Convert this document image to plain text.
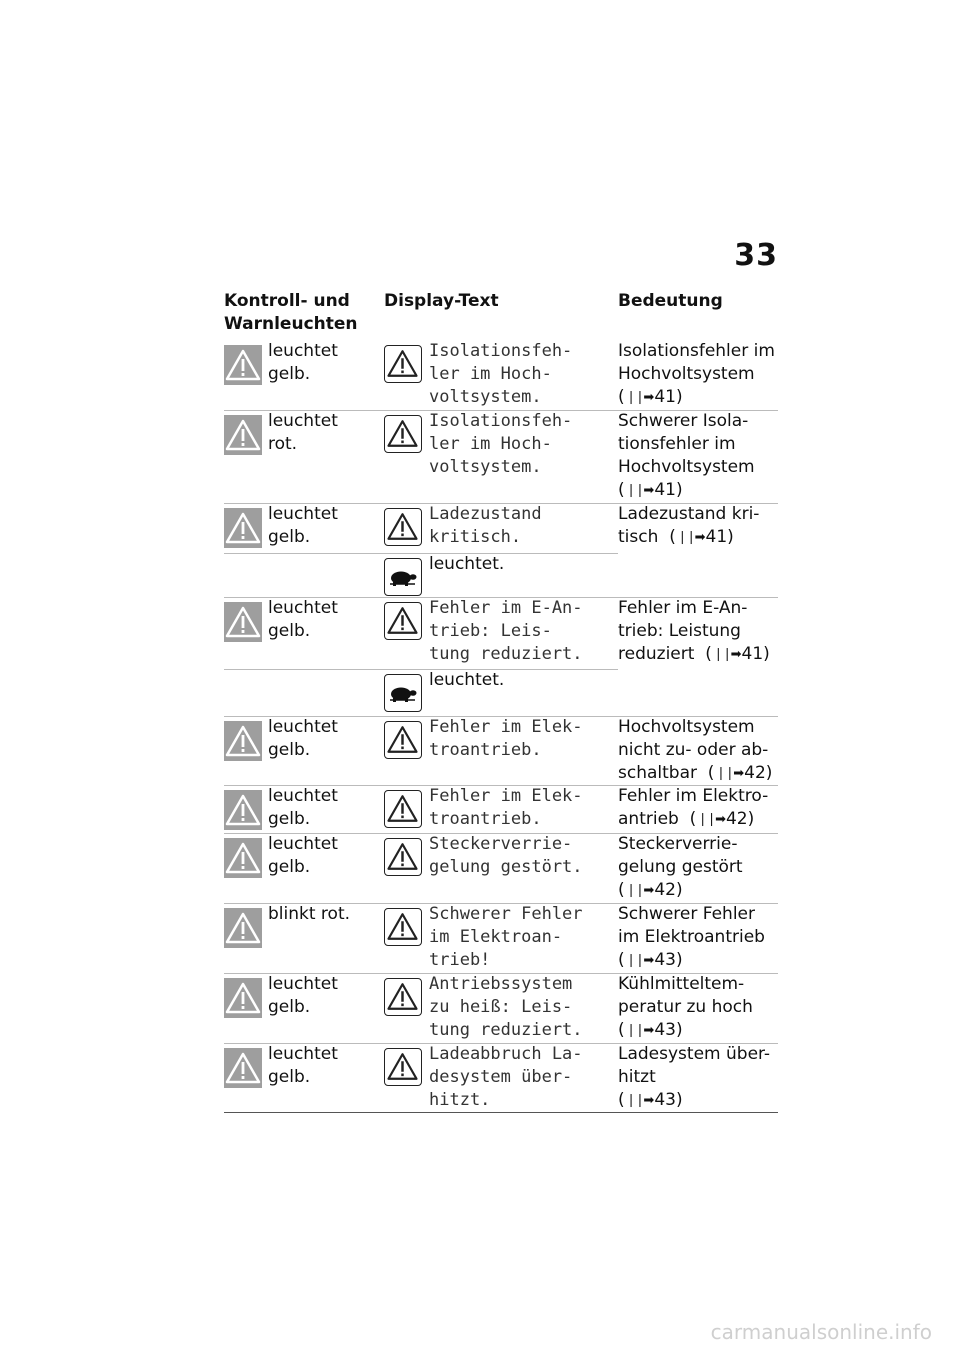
33
Kontroll- und
Warnleuchten
Display-Text	Bedeutung
leuchtet
gelb.
Isolationsfeh-
ler im Hoch-
voltsystem.
Isolationsfehler im
Hochvoltsystem
(❘❘➡ 41)
leuchtet
rot.
Isolationsfeh-
ler im Hoch-
voltsystem.
Schwerer Isola-
tionsfehler im
Hochvoltsystem
(❘❘➡ 41)
leuchtet
gelb.
Ladezustand
kritisch.
leuchtet.
Ladezustand kri-
tisch (❘❘➡ 41)
leuchtet
gelb.
Fehler im E-An-
trieb: Leis-
tung reduziert.
leuchtet.
Fehler im E-An-
trieb: Leistung
reduziert (❘❘➡ 41)
leuchtet
gelb.
Fehler im Elek-
troantrieb.
Hochvoltsystem
nicht zu- oder ab-
schaltbar (❘❘➡ 42)
leuchtet
gelb.
Fehler im Elek-
troantrieb.
Fehler im Elektro-
antrieb (❘❘➡ 42)
leuchtet
gelb.
Steckerverrie-
gelung gestört.
Steckerverrie-
gelung gestört
(❘❘➡ 42)
blinkt rot.	Schwerer Fehler
im Elektroan-
trieb!
Schwerer Fehler
im Elektroantrieb
(❘❘➡ 43)
leuchtet
gelb.
Antriebssystem
zu heiß: Leis-
tung reduziert.
Kühlmitteltem-
peratur zu hoch
(❘❘➡ 43)
leuchtet
gelb.
Ladeabbruch La-
desystem über-
hitzt.
Ladesystem über-
hitzt
(❘❘➡ 43)
carmanualsonline.info
